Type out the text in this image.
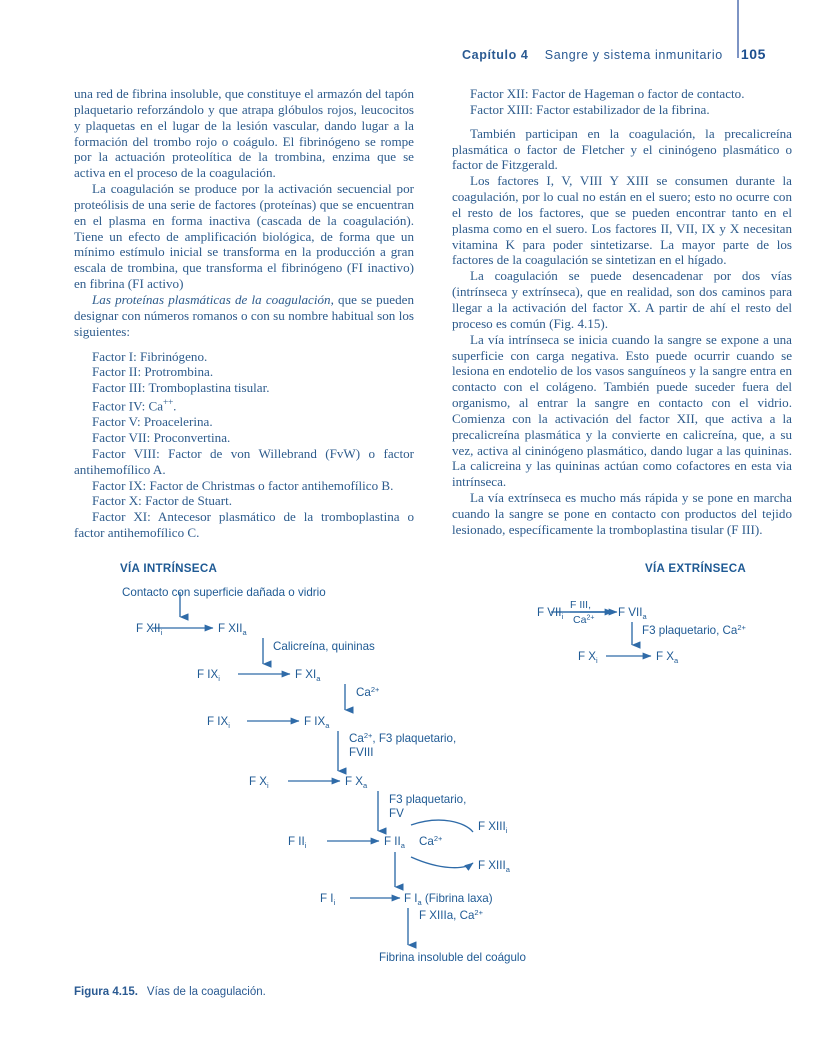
Capítulo 4 Sangre y sistema inmunitario 105

una red de fibrina insoluble, que constituye el armazón del tapón plaquetario reforzándolo y que atrapa glóbulos rojos, leucocitos y plaquetas en el lugar de la lesión vascular, dando lugar a la formación del trombo rojo o coágulo. El fibrinógeno se rompe por la actuación proteolítica de la trombina, enzima que se activa en el proceso de la coagulación.

La coagulación se produce por la activación secuencial por proteólisis de una serie de factores (proteínas) que se encuentran en el plasma en forma inactiva (cascada de la coagulación). Tiene un efecto de amplificación biológica, de forma que un mínimo estímulo inicial se transforma en la producción a gran escala de trombina, que transforma el fibrinógeno (FI inactivo) en fibrina (FI activo)

Las proteínas plasmáticas de la coagulación, que se pueden designar con números romanos o con su nombre habitual son los siguientes:

Factor I: Fibrinógeno.

Factor II: Protrombina.

Factor III: Tromboplastina tisular.

Factor IV: Ca++.

Factor V: Proacelerina.

Factor VII: Proconvertina.

Factor VIII: Factor de von Willebrand (FvW) o factor antihemofílico A.

Factor IX: Factor de Christmas o factor antihemofílico B.

Factor X: Factor de Stuart.

Factor XI: Antecesor plasmático de la tromboplastina o factor antihemofílico C.

Factor XII: Factor de Hageman o factor de contacto.

Factor XIII: Factor estabilizador de la fibrina.

También participan en la coagulación, la precalicreína plasmática o factor de Fletcher y el cininógeno plasmático o factor de Fitzgerald.

Los factores I, V, VIII Y XIII se consumen durante la coagulación, por lo cual no están en el suero; esto no ocurre con el resto de los factores, que se pueden encontrar tanto en el plasma como en el suero. Los factores II, VII, IX y X necesitan vitamina K para poder sintetizarse. La mayor parte de los factores de la coagulación se sintetizan en el hígado.

La coagulación se puede desencadenar por dos vías (intrínseca y extrínseca), que en realidad, son dos caminos para llegar a la activación del factor X. A partir de ahí el resto del proceso es común (Fig. 4.15).

La vía intrínseca se inicia cuando la sangre se expone a una superficie con carga negativa. Esto puede ocurrir cuando se lesiona en endotelio de los vasos sanguíneos y la sangre entra en contacto con el colágeno. También puede suceder fuera del organismo, al entrar la sangre en contacto con el vidrio. Comienza con la activación del factor XII, que activa a la precalicreína plasmática y la convierte en calicreína, que, a su vez, activa al cininógeno plasmático, dando lugar a las quininas. La calicreina y las quininas actúan como cofactores en esta via intrínseca.

La vía extrínseca es mucho más rápida y se pone en marcha cuando la sangre se pone en contacto con productos del tejido lesionado, específicamente la tromboplastina tisular (F III).

VÍA INTRÍNSECA	VÍA EXTRÍNSECA
Contacto con superficie dañada o vidrio
F $XII_i$	F $XII_a$
Calicreína, quininas
F $IX_i$	F $XI_a$
$Ca^{2+}$
F $IX_i$	F $IX_a$
$Ca^{2+}$, F3 plaquetario,
FVIII
F $X_i$	F $X_a$
F3 plaquetario,
FV
F $II_i$	F $II_a$ $Ca^{2+}$
F $XIII_i$
F $XIII_a$
F $I_i$	F $I_a$ (Fibrina laxa)
F XIIIa, $Ca^{2+}$
Fibrina insoluble del coágulo
F $VII_i$
F III,
$Ca^{2+}$ F $VII_a$
F3 plaquetario, $Ca^{2+}$
F $X_i$	F $X_a$
Figura 4.15. Vías de la coagulación.
